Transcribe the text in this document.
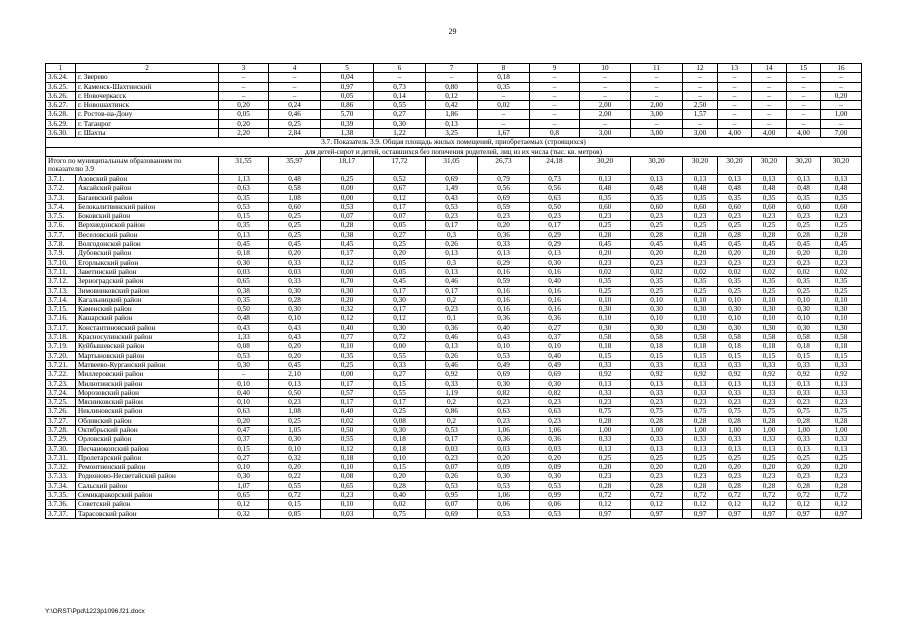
29
1	2	3	4	5	6	7	8	9	10	11	12	13	14	15	16
3.6.24.	г. Зверево	–	–	0,04	–	–	0,18	–	–	–	–	–	–	–	–
3.6.25.	г. Каменск-Шахтинский	–	–	0,97	0,73	0,80	0,35	–	–	–	–	–	–	–	–
3.6.26.	г. Новочеркасск	–	–	0,05	0,14	0,12	–	–	–	–	–	–	–	–	0,20
3.6.27.	г. Новошахтинск	0,20	0,24	0,86	0,55	0,42	0,02	–	2,00	2,00	2,50	–	–	–	–
3.6.28.	г. Ростов-на-Дону	0,05	0,46	5,70	0,27	1,86	–	–	2,00	3,00	1,57	–	–	–	1,00
3.6.29.	г. Таганрог	0,20	0,25	0,39	0,30	0,13	–	–	–	–	–	–	–	–	–
3.6.30.	г. Шахты	2,20	2,84	1,38	1,22	3,25	1,67	0,8	3,00	3,00	3,00	4,00	4,00	4,00	7,00
3.7. Показатель 3.9. Общая площадь жилых помещений, приобретаемых (строящихся)															
для детей-сирот и детей, оставшихся без попечения родителей, лиц из их числа (тыс. кв. метров)															
Итого по муниципальным образованиям по показателю 3.9		31,55	35,97	18,17	17,72	31,05	26,73	24,18	30,20	30,20	30,20	30,20	30,20	30,20	30,20
3.7.1.	Азовский район	1,13	0,48	0,25	0,52	0,69	0,79	0,73	0,13	0,13	0,13	0,13	0,13	0,13	0,13
3.7.2.	Аксайский район	0,63	0,58	0,00	0,67	1,49	0,56	0,56	0,48	0,48	0,48	0,48	0,48	0,48	0,48
3.7.3.	Багаевский район	0,35	1,08	0,00	0,12	0,43	0,69	0,63	0,35	0,35	0,35	0,35	0,35	0,35	0,35
3.7.4.	Белокалитвинский район	0,53	0,60	0,53	0,17	0,53	0,59	0,50	0,60	0,60	0,60	0,60	0,60	0,60	0,60
3.7.5.	Боковский район	0,15	0,25	0,07	0,07	0,23	0,23	0,23	0,23	0,23	0,23	0,23	0,23	0,23	0,23
3.7.6.	Верхнедонской район	0,35	0,25	0,28	0,05	0,17	0,20	0,17	0,25	0,25	0,25	0,25	0,25	0,25	0,25
3.7.7.	Веселовский район	0,13	0,25	0,38	0,27	0,3	0,36	0,29	0,28	0,28	0,28	0,28	0,28	0,28	0,28
3.7.8.	Волгодонской район	0,45	0,45	0,45	0,25	0,26	0,33	0,29	0,45	0,45	0,45	0,45	0,45	0,45	0,45
3.7.9.	Дубовский район	0,18	0,20	0,17	0,20	0,13	0,13	0,13	0,20	0,20	0,20	0,20	0,20	0,20	0,20
3.7.10.	Егорлыкский район	0,30	0,33	0,12	0,05	0,3	0,29	0,30	0,23	0,23	0,23	0,23	0,23	0,23	0,23
3.7.11.	Заветинский район	0,03	0,03	0,00	0,05	0,13	0,16	0,16	0,02	0,02	0,02	0,02	0,02	0,02	0,02
3.7.12.	Зерноградский район	0,65	0,33	0,70	0,45	0,46	0,59	0,40	0,35	0,35	0,35	0,35	0,35	0,35	0,35
3.7.13.	Зимовниковский район	0,38	0,30	0,30	0,17	0,17	0,16	0,16	0,25	0,25	0,25	0,25	0,25	0,25	0,25
3.7.14.	Кагальницкий район	0,35	0,28	0,20	0,30	0,2	0,16	0,16	0,10	0,10	0,10	0,10	0,10	0,10	0,10
3.7.15.	Каменский район	0,50	0,30	0,32	0,17	0,23	0,16	0,16	0,30	0,30	0,30	0,30	0,30	0,30	0,30
3.7.16.	Кашарский район	0,48	0,10	0,12	0,12	0,1	0,36	0,36	0,10	0,10	0,10	0,10	0,10	0,10	0,10
3.7.17.	Константиновский район	0,43	0,43	0,40	0,30	0,36	0,40	0,27	0,30	0,30	0,30	0,30	0,30	0,30	0,30
3.7.18.	Красносулинский район	1,33	0,43	0,77	0,72	0,46	0,43	0,37	0,58	0,58	0,58	0,58	0,58	0,58	0,58
3.7.19.	Куйбышевский район	0,08	0,20	0,10	0,00	0,13	0,10	0,10	0,18	0,18	0,18	0,18	0,18	0,18	0,18
3.7.20.	Мартыновский район	0,53	0,20	0,35	0,55	0,26	0,53	0,40	0,15	0,15	0,15	0,15	0,15	0,15	0,15
3.7.21.	Матвеево-Курганский район	0,30	0,45	0,25	0,33	0,46	0,49	0,49	0,33	0,33	0,33	0,33	0,33	0,33	0,33
3.7.22.	Миллеровский район	–	2,10	0,00	0,27	0,92	0,69	0,69	0,92	0,92	0,92	0,92	0,92	0,92	0,92
3.7.23.	Милютинский район	0,10	0,13	0,17	0,15	0,33	0,30	0,30	0,13	0,13	0,13	0,13	0,13	0,13	0,13
3.7.24.	Морозовский район	0,40	0,50	0,57	0,55	1,19	0,82	0,82	0,33	0,33	0,33	0,33	0,33	0,33	0,33
3.7.25.	Мясниковский район	0,10	0,23	0,17	0,17	0,2	0,23	0,23	0,23	0,23	0,23	0,23	0,23	0,23	0,23
3.7.26.	Неклиновский район	0,63	1,08	0,40	0,25	0,86	0,63	0,63	0,75	0,75	0,75	0,75	0,75	0,75	0,75
3.7.27.	Обливский район	0,20	0,25	0,02	0,08	0,2	0,23	0,23	0,28	0,28	0,28	0,28	0,28	0,28	0,28
3.7.28.	Октябрьский район	0,47	1,05	0,50	0,30	0,53	1,06	1,06	1,00	1,00	1,00	1,00	1,00	1,00	1,00
3.7.29.	Орловский район	0,37	0,30	0,55	0,18	0,17	0,36	0,36	0,33	0,33	0,33	0,33	0,33	0,33	0,33
3.7.30.	Песчанокопский район	0,15	0,10	0,12	0,18	0,03	0,03	0,03	0,13	0,13	0,13	0,13	0,13	0,13	0,13
3.7.31.	Пролетарский район	0,27	0,32	0,18	0,10	0,23	0,20	0,20	0,25	0,25	0,25	0,25	0,25	0,25	0,25
3.7.32.	Ремонтненский район	0,10	0,20	0,10	0,15	0,07	0,09	0,09	0,20	0,20	0,20	0,20	0,20	0,20	0,20
3.7.33.	Родионово-Несветайский район	0,30	0,22	0,08	0,20	0,26	0,30	0,30	0,23	0,23	0,23	0,23	0,23	0,23	0,23
3.7.34.	Сальский район	1,07	0,55	0,65	0,28	0,53	0,53	0,53	0,28	0,28	0,28	0,28	0,28	0,28	0,28
3.7.35.	Семикаракорский район	0,65	0,72	0,23	0,40	0,95	1,06	0,99	0,72	0,72	0,72	0,72	0,72	0,72	0,72
3.7.36.	Советский район	0,12	0,15	0,10	0,02	0,07	0,06	0,06	0,12	0,12	0,12	0,12	0,12	0,12	0,12
3.7.37.	Тарасовский район	0,32	0,85	0,03	0,75	0,69	0,53	0,53	0,97	0,97	0,97	0,97	0,97	0,97	0,97
Y:\ORST\Ppd\1223p1096.f21.docx
